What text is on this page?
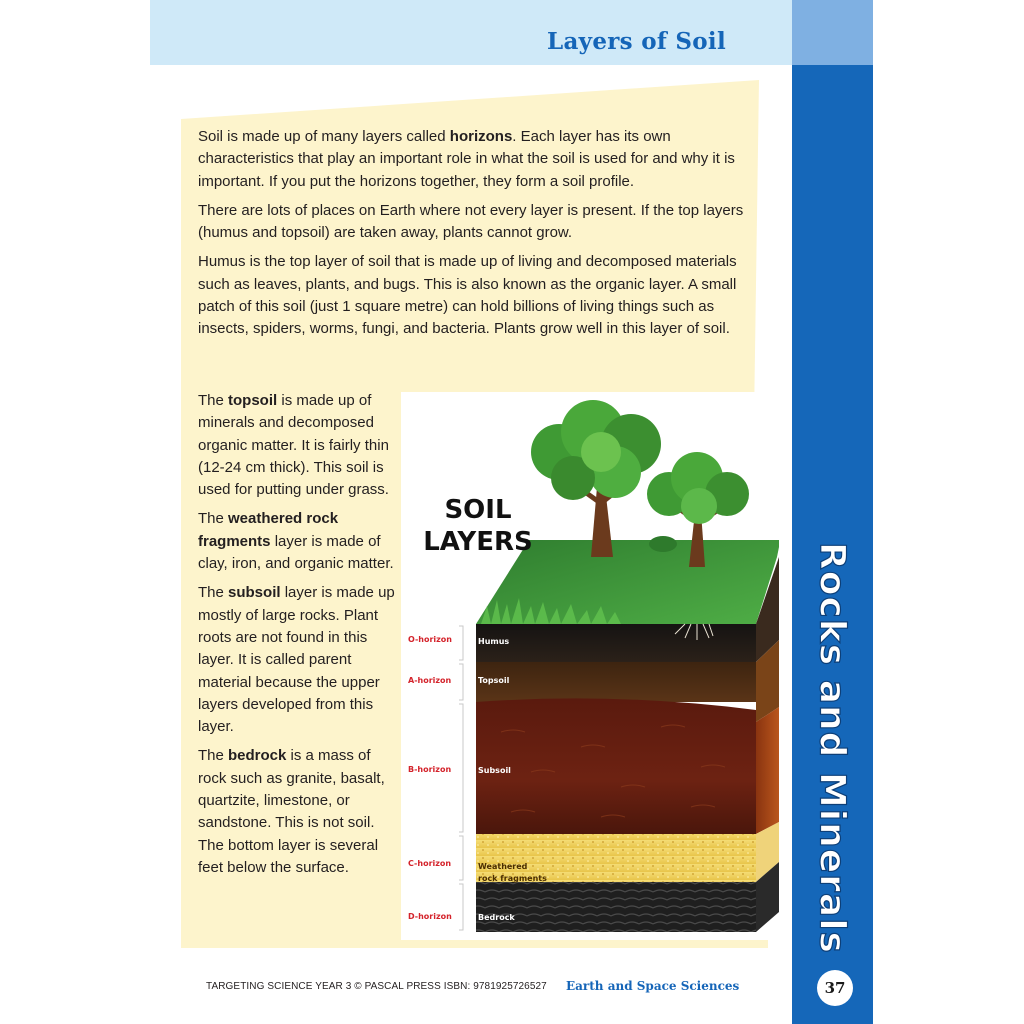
Layers of Soil
Rocks and Minerals
37

Soil is made up of many layers called horizons. Each layer has its own characteristics that play an important role in what the soil is used for and why it is important. If you put the horizons together, they form a soil profile.

There are lots of places on Earth where not every layer is present. If the top layers (humus and topsoil) are taken away, plants cannot grow.

Humus is the top layer of soil that is made up of living and decomposed materials such as leaves, plants, and bugs. This is also known as the organic layer. A small patch of this soil (just 1 square metre) can hold billions of living things such as insects, spiders, worms, fungi, and bacteria. Plants grow well in this layer of soil.

The topsoil is made up of minerals and decomposed organic matter. It is fairly thin (12-24 cm thick). This soil is used for putting under grass.

The weathered rock fragments layer is made of clay, iron, and organic matter.

The subsoil layer is made up mostly of large rocks. Plant roots are not found in this layer. It is called parent material because the upper layers developed from this layer.

The bedrock is a mass of rock such as granite, basalt, quartzite, limestone, or sandstone. This is not soil. The bottom layer is several feet below the surface.

SOIL
LAYERS
O-horizon
A-horizon
B-horizon
C-horizon
D-horizon
Humus
Topsoil
Subsoil
Weathered
rock fragments
Bedrock
TARGETING SCIENCE YEAR 3 © PASCAL PRESS ISBN: 9781925726527 Earth and Space Sciences
